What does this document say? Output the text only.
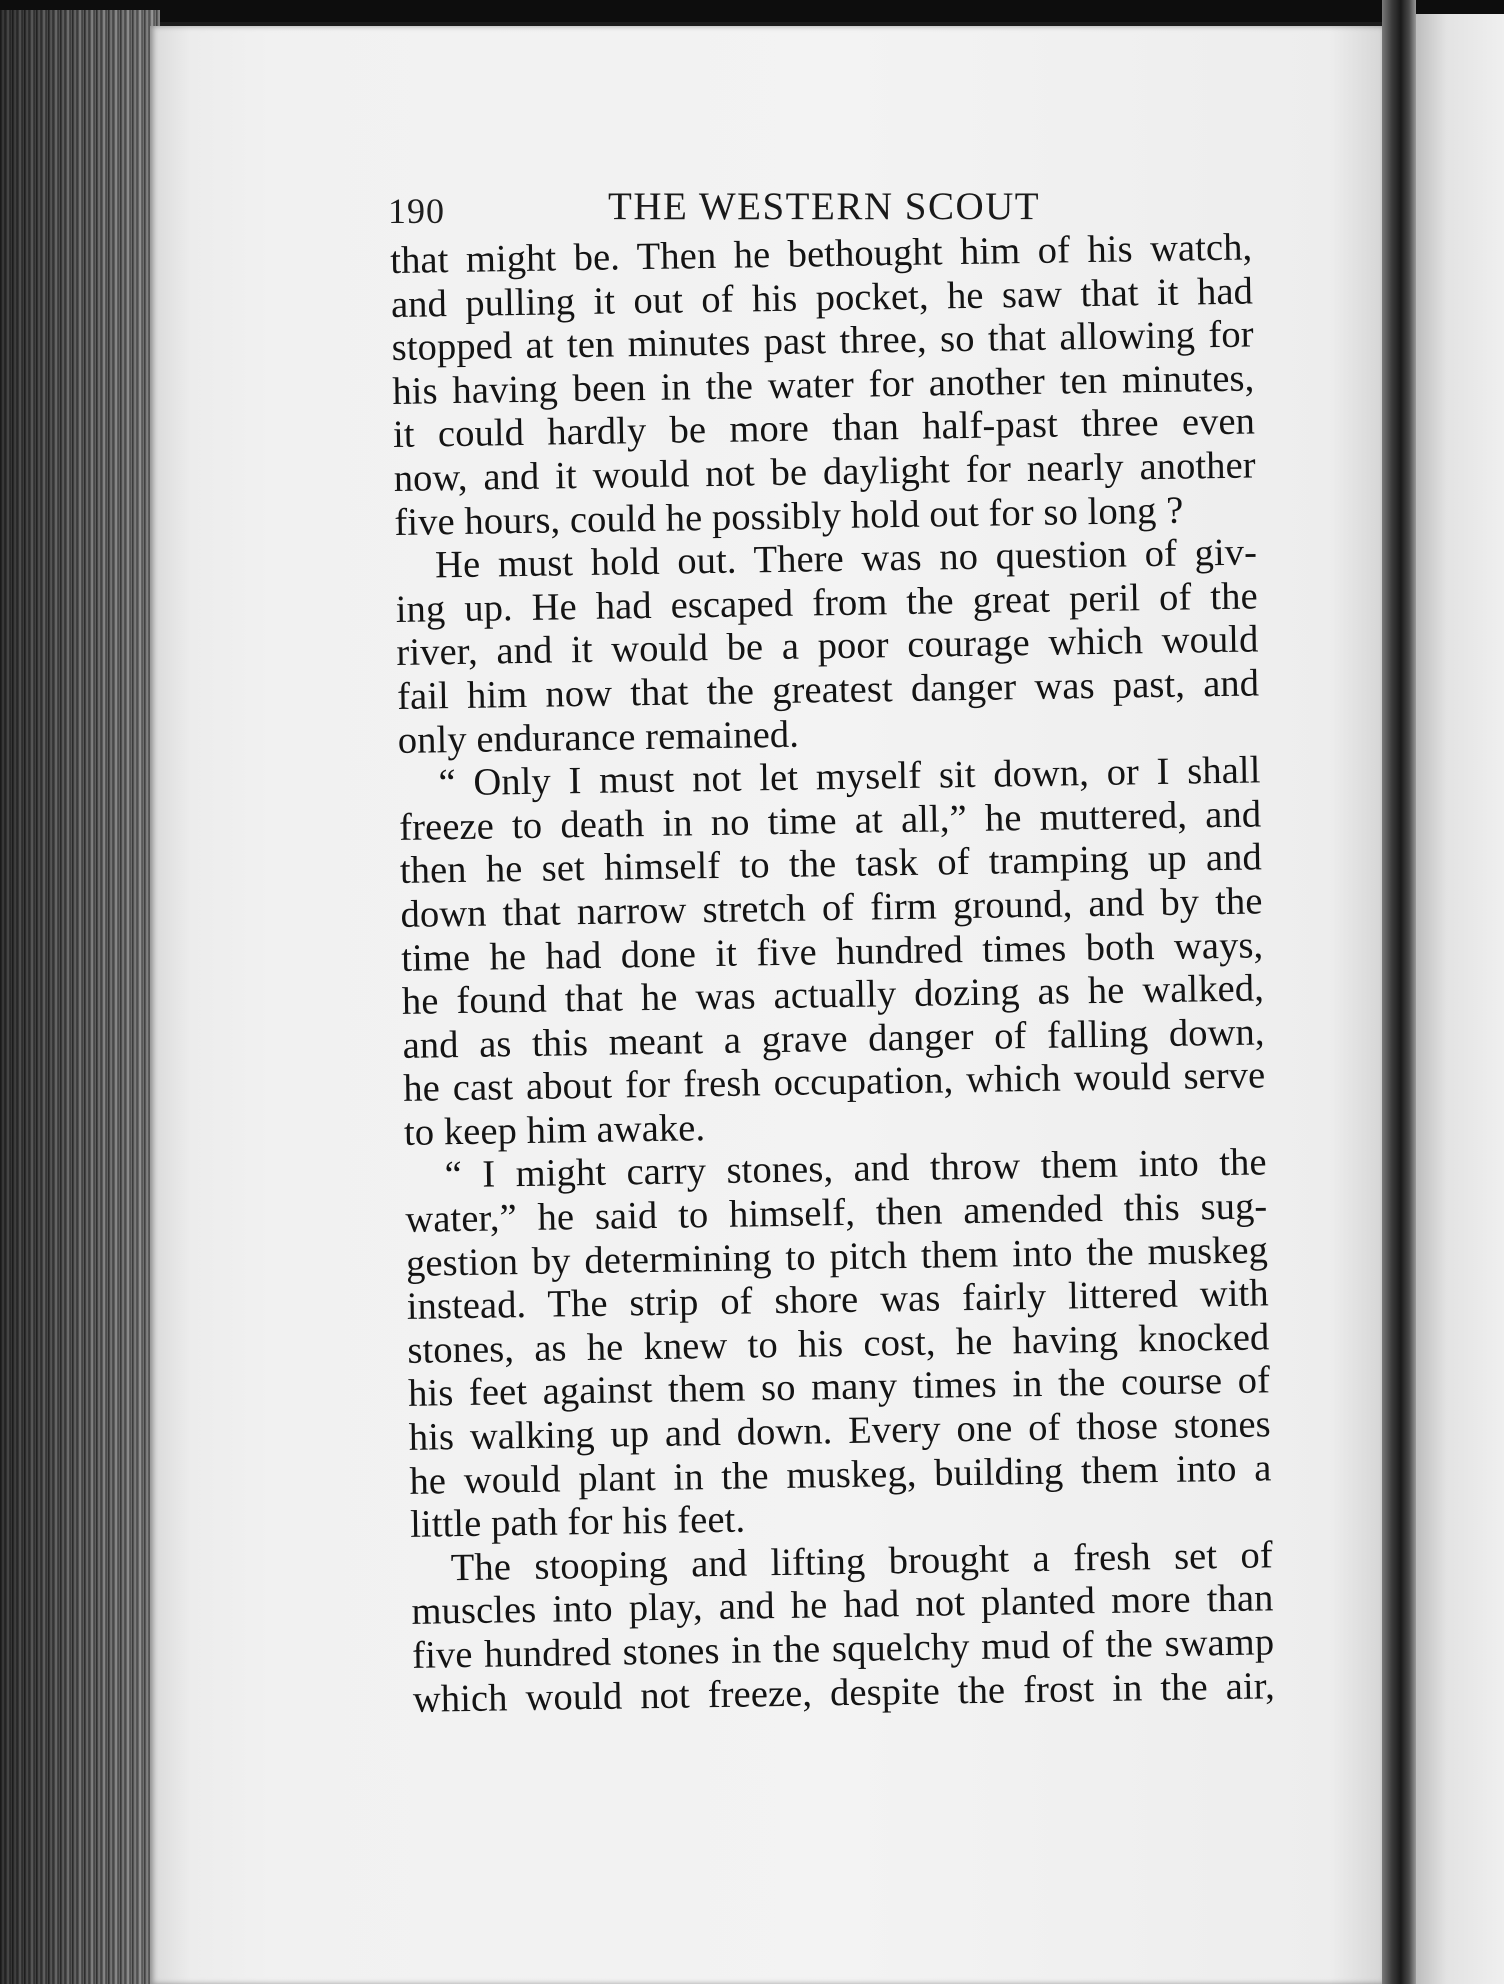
190	THE WESTERN SCOUT
that might be. Then he bethought him of his watch,
and pulling it out of his pocket, he saw that it had
stopped at ten minutes past three, so that allowing for
his having been in the water for another ten minutes,
it could hardly be more than half-past three even
now, and it would not be daylight for nearly another
five hours, could he possibly hold out for so long ?
He must hold out. There was no question of giv-
ing up. He had escaped from the great peril of the
river, and it would be a poor courage which would
fail him now that the greatest danger was past, and
only endurance remained.
“ Only I must not let myself sit down, or I shall
freeze to death in no time at all,” he muttered, and
then he set himself to the task of tramping up and
down that narrow stretch of firm ground, and by the
time he had done it five hundred times both ways,
he found that he was actually dozing as he walked,
and as this meant a grave danger of falling down,
he cast about for fresh occupation, which would serve
to keep him awake.
“ I might carry stones, and throw them into the
water,” he said to himself, then amended this sug-
gestion by determining to pitch them into the muskeg
instead. The strip of shore was fairly littered with
stones, as he knew to his cost, he having knocked
his feet against them so many times in the course of
his walking up and down. Every one of those stones
he would plant in the muskeg, building them into a
little path for his feet.
The stooping and lifting brought a fresh set of
muscles into play, and he had not planted more than
five hundred stones in the squelchy mud of the swamp
which would not freeze, despite the frost in the air,
